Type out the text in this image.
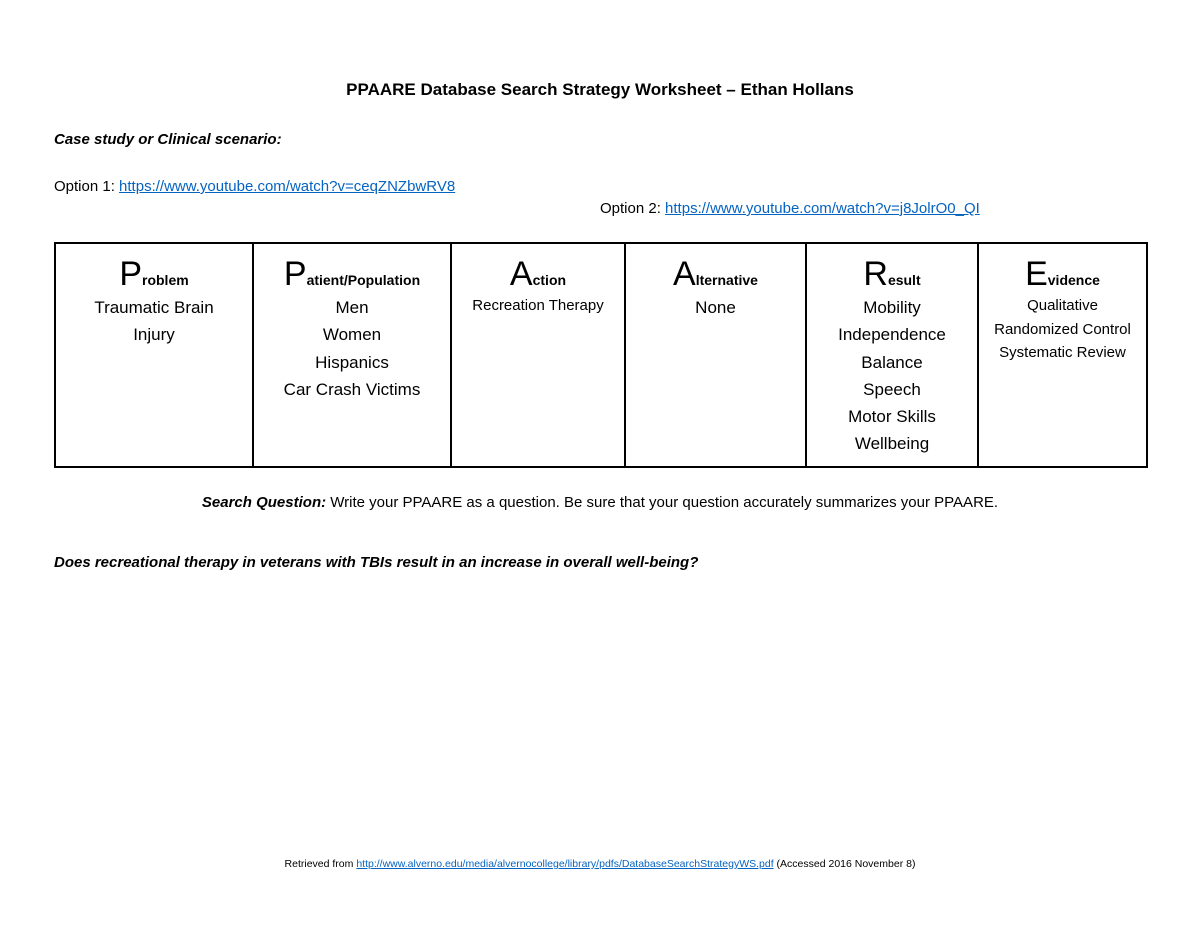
PPAARE Database Search Strategy Worksheet – Ethan Hollans
Case study or Clinical scenario:
Option 1: https://www.youtube.com/watch?v=ceqZNZbwRV8
Option 2: https://www.youtube.com/watch?v=j8JolrO0_QI
Problem
Traumatic Brain
Injury

Patient/Population
Men
Women
Hispanics
Car Crash Victims

Action
Recreation Therapy

Alternative
None

Result
Mobility
Independence
Balance
Speech
Motor Skills
Wellbeing

Evidence
Qualitative
Randomized Control
Systematic Review
Search Question: Write your PPAARE as a question. Be sure that your question accurately summarizes your PPAARE.
Does recreational therapy in veterans with TBIs result in an increase in overall well-being?
Retrieved from http://www.alverno.edu/media/alvernocollege/library/pdfs/DatabaseSearchStrategyWS.pdf (Accessed 2016 November 8)
